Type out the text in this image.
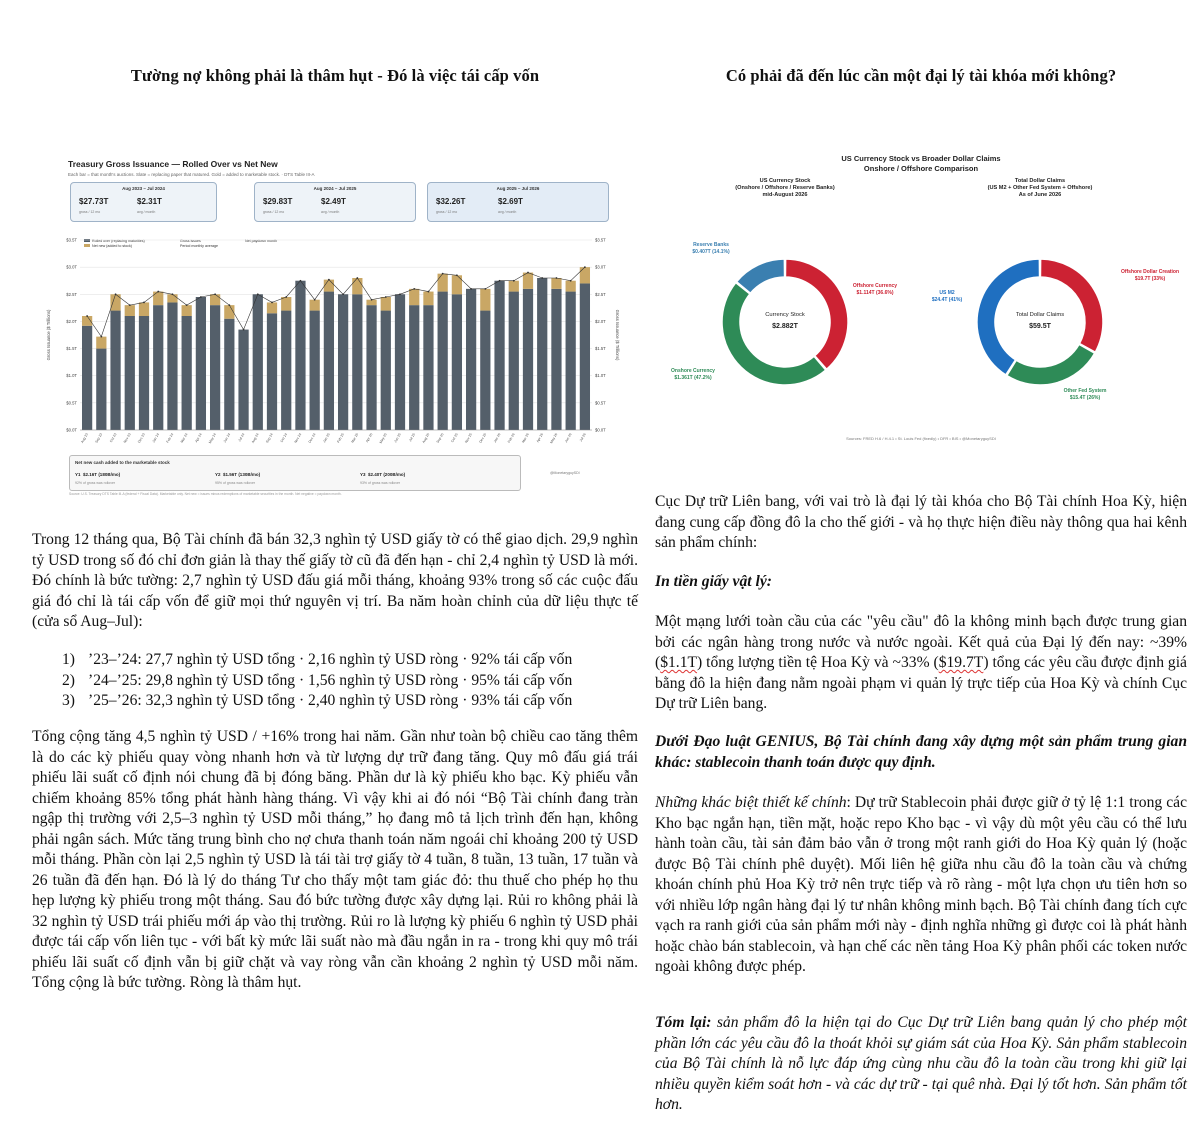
Tường nợ không phải là thâm hụt - Đó là việc tái cấp vốn
Treasury Gross Issuance — Rolled Over vs Net New
Each bar = that month's auctions. Slate = replacing paper that matured. Gold = added to marketable stock. · DTS Table III-A
Aug 2023 – Jul 2024
$27.73T	$2.31T
gross / 12 mo	avg / month
Aug 2024 – Jul 2025
$29.83T	$2.49T
gross / 12 mo	avg / month
Aug 2025 – Jul 2026
$32.26T	$2.69T
gross / 12 mo	avg / month
Rolled over (replacing maturities)
Net new (added to stock)
Gross issues
Period monthly average
Net paydown month
$0.0T	$0.0T
$0.5T	$0.5T
$1.0T	$1.0T
$1.5T	$1.5T
$2.0T	$2.0T
$2.5T	$2.5T
$3.0T	$3.0T
$3.5T	$3.5T
Gross Issuance ($ Trillions)	Gross Issuance ($ Trillions)
Aug 23 Sep 23 Oct 23 Nov 23 Dec 23 Jan 24 Feb 24 Mar 24 Apr 24 May 24 Jun 24 Jul 24 Aug 24 Sep 24 Oct 24 Nov 24 Dec 24 Jan 25 Feb 25 Mar 25 Apr 25 May 25 Jun 25 Jul 25 Aug 25 Sep 25 Oct 25 Nov 25 Dec 25 Jan 26 Feb 26 Mar 26 Apr 26 May 26 Jun 26 Jul 26
Net new cash added to the marketable stock
Y1 $2.16T (180B/mo)
92% of gross was rollover
Y2 $1.56T (130B/mo)
95% of gross was rollover
Y3 $2.40T (200B/mo)
93% of gross was rollover
@MonetaryguySDI
Source: U.S. Treasury DTS Table III-A (federal + Fiscal Data). Marketable only. Net new = issues minus redemptions of marketable securities in the month. Net negative = paydown month.

Trong 12 tháng qua, Bộ Tài chính đã bán 32,3 nghìn tỷ USD giấy tờ có thể giao dịch. 29,9 nghìn tỷ USD trong số đó chỉ đơn giản là thay thế giấy tờ cũ đã đến hạn - chỉ 2,4 nghìn tỷ USD là mới. Đó chính là bức tường: 2,7 nghìn tỷ USD đấu giá mỗi tháng, khoảng 93% trong số các cuộc đấu giá đó chỉ là tái cấp vốn để giữ mọi thứ nguyên vị trí. Ba năm hoàn chỉnh của dữ liệu thực tế (cửa sổ Aug–Jul):

1) ’23–’24: 27,7 nghìn tỷ USD tổng · 2,16 nghìn tỷ USD ròng · 92% tái cấp vốn
2) ’24–’25: 29,8 nghìn tỷ USD tổng · 1,56 nghìn tỷ USD ròng · 95% tái cấp vốn
3) ’25–’26: 32,3 nghìn tỷ USD tổng · 2,40 nghìn tỷ USD ròng · 93% tái cấp vốn

Tổng cộng tăng 4,5 nghìn tỷ USD / +16% trong hai năm. Gần như toàn bộ chiều cao tăng thêm là do các kỳ phiếu quay vòng nhanh hơn và từ lượng dự trữ đang tăng. Quy mô đấu giá trái phiếu lãi suất cố định nói chung đã bị đóng băng. Phần dư là kỳ phiếu kho bạc. Kỳ phiếu vẫn chiếm khoảng 85% tổng phát hành hàng tháng. Vì vậy khi ai đó nói “Bộ Tài chính đang tràn ngập thị trường với 2,5–3 nghìn tỷ USD mỗi tháng,” họ đang mô tả lịch trình đến hạn, không phải ngân sách. Mức tăng trung bình cho nợ chưa thanh toán năm ngoái chỉ khoảng 200 tỷ USD mỗi tháng. Phần còn lại 2,5 nghìn tỷ USD là tái tài trợ giấy tờ 4 tuần, 8 tuần, 13 tuần, 17 tuần và 26 tuần đã đến hạn. Đó là lý do tháng Tư cho thấy một tam giác đỏ: thu thuế cho phép họ thu hẹp lượng kỳ phiếu trong một tháng. Sau đó bức tường được xây dựng lại. Rủi ro không phải là 32 nghìn tỷ USD trái phiếu mới áp vào thị trường. Rủi ro là lượng kỳ phiếu 6 nghìn tỷ USD phải được tái cấp vốn liên tục - với bất kỳ mức lãi suất nào mà đầu ngắn in ra - trong khi quy mô trái phiếu lãi suất cố định vẫn bị giữ chặt và vay ròng vẫn cần khoảng 2 nghìn tỷ USD mỗi năm. Tổng cộng là bức tường. Ròng là thâm hụt.

Có phải đã đến lúc cần một đại lý tài khóa mới không?
US Currency Stock vs Broader Dollar Claims
Onshore / Offshore Comparison
US Currency Stock
(Onshore / Offshore / Reserve Banks)
mid-August 2026
Total Dollar Claims
(US M2 + Other Fed System + Offshore)
As of June 2026
Currency Stock
$2.882T
Total Dollar Claims
$59.5T
Reserve Banks
$0.407T (14.1%)
Offshore Currency
$1.114T (36.6%)
Onshore Currency
$1.361T (47.2%)
US M2
$24.4T (41%)
Offshore Dollar Creation
$19.7T (33%)
Other Fed System
$15.4T (26%)
Sources: FRED H.6 / H.4.1 • St. Louis Fed (fixedly) • DFR • BIS • @MonetaryguySDI

Cục Dự trữ Liên bang, với vai trò là đại lý tài khóa cho Bộ Tài chính Hoa Kỳ, hiện đang cung cấp đồng đô la cho thế giới - và họ thực hiện điều này thông qua hai kênh sản phẩm chính:

In tiền giấy vật lý:

Một mạng lưới toàn cầu của các "yêu cầu" đô la không minh bạch được trung gian bởi các ngân hàng trong nước và nước ngoài. Kết quả của Đại lý đến nay: ~39% ($1.1T) tổng lượng tiền tệ Hoa Kỳ và ~33% ($19.7T) tổng các yêu cầu được định giá bằng đô la hiện đang nằm ngoài phạm vi quản lý trực tiếp của Hoa Kỳ và chính Cục Dự trữ Liên bang.

Dưới Đạo luật GENIUS, Bộ Tài chính đang xây dựng một sản phẩm trung gian khác: stablecoin thanh toán được quy định.

Những khác biệt thiết kế chính: Dự trữ Stablecoin phải được giữ ở tỷ lệ 1:1 trong các Kho bạc ngắn hạn, tiền mặt, hoặc repo Kho bạc - vì vậy dù một yêu cầu có thể lưu hành toàn cầu, tài sản đảm bảo vẫn ở trong một ranh giới do Hoa Kỳ quản lý (hoặc được Bộ Tài chính phê duyệt). Mối liên hệ giữa nhu cầu đô la toàn cầu và chứng khoán chính phủ Hoa Kỳ trở nên trực tiếp và rõ ràng - một lựa chọn ưu tiên hơn so với nhiều lớp ngân hàng đại lý tư nhân không minh bạch. Bộ Tài chính đang tích cực vạch ra ranh giới của sản phẩm mới này - định nghĩa những gì được coi là phát hành hoặc chào bán stablecoin, và hạn chế các nền tảng Hoa Kỳ phân phối các token nước ngoài không được phép.

Tóm lại: sản phẩm đô la hiện tại do Cục Dự trữ Liên bang quản lý cho phép một phần lớn các yêu cầu đô la thoát khỏi sự giám sát của Hoa Kỳ. Sản phẩm stablecoin của Bộ Tài chính là nỗ lực đáp ứng cùng nhu cầu đô la toàn cầu trong khi giữ lại nhiều quyền kiểm soát hơn - và các dự trữ - tại quê nhà. Đại lý tốt hơn. Sản phẩm tốt hơn.
